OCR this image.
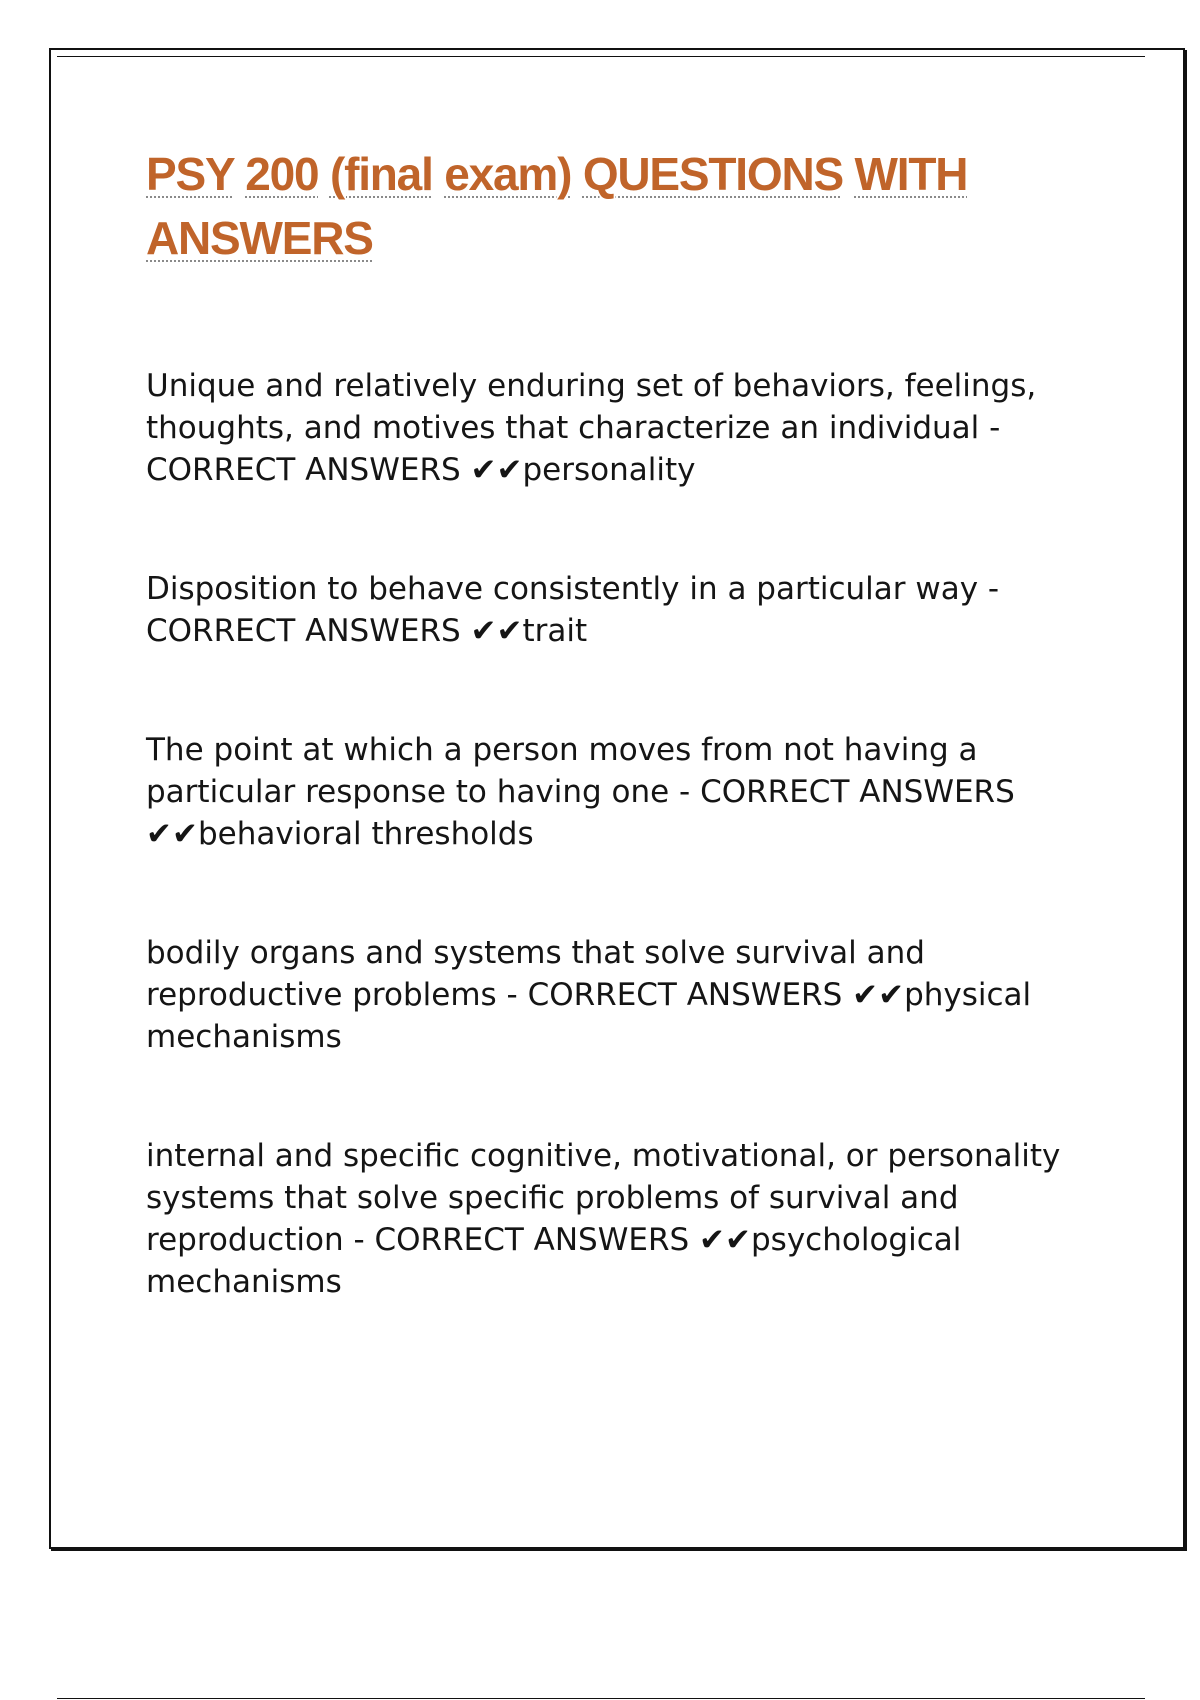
PSY 200 (final exam) QUESTIONS WITH ANSWERS
Unique and relatively enduring set of behaviors, feelings, thoughts, and motives that characterize an individual - CORRECT ANSWERS ✔✔personality
Disposition to behave consistently in a particular way - CORRECT ANSWERS ✔✔trait
The point at which a person moves from not having a particular response to having one - CORRECT ANSWERS ✔✔behavioral thresholds
bodily organs and systems that solve survival and reproductive problems - CORRECT ANSWERS ✔✔physical mechanisms
internal and specific cognitive, motivational, or personality systems that solve specific problems of survival and reproduction - CORRECT ANSWERS ✔✔psychological mechanisms
